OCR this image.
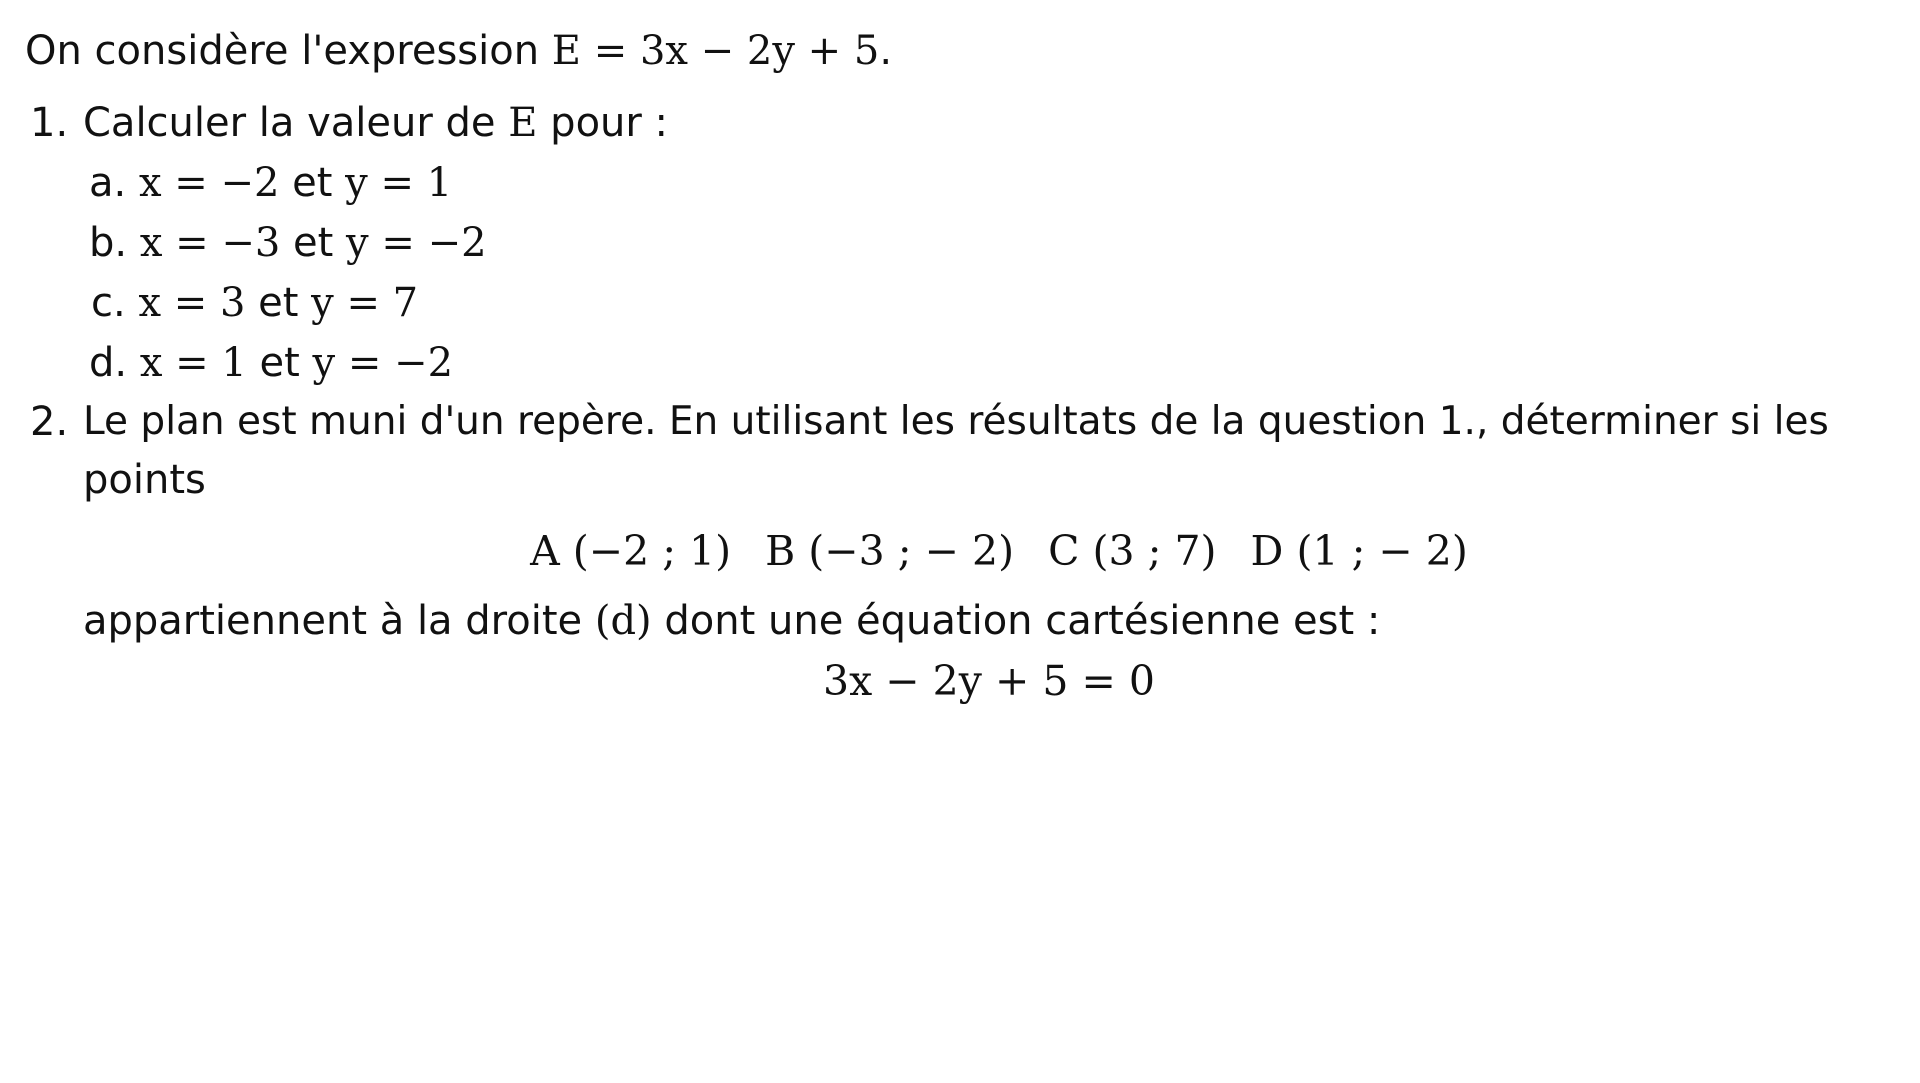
On considère l'expression E = 3x − 2y + 5.
1. Calculer la valeur de E pour :
a. x = −2 et y = 1
b. x = −3 et y = −2
c. x = 3 et y = 7
d. x = 1 et y = −2
2. Le plan est muni d'un repère. En utilisant les résultats de la question 1., déterminer si les
points
A (−2 ; 1) B (−3 ; − 2) C (3 ; 7) D (1 ; − 2)
appartiennent à la droite (d) dont une équation cartésienne est :
3x − 2y + 5 = 0
